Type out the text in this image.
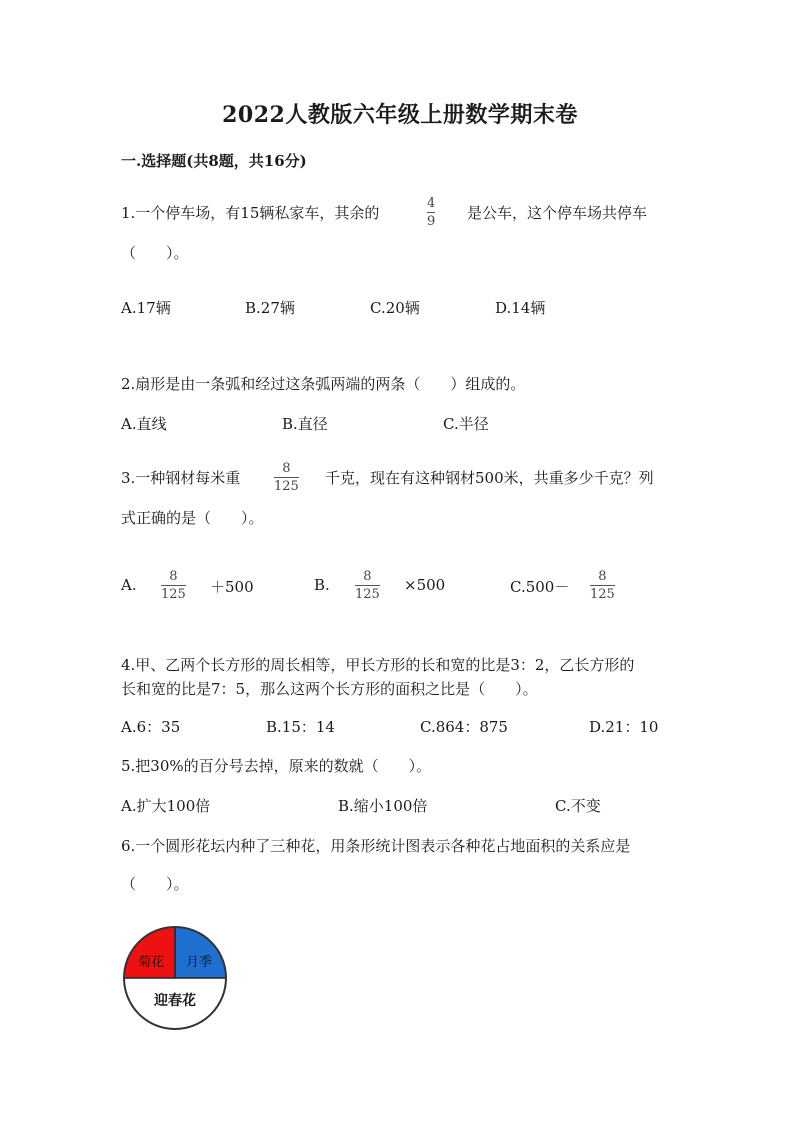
2022人教版六年级上册数学期末卷
一.选择题(共8题，共16分)
1.一个停车场，有15辆私家车，其余的
4
9 是公车，这个停车场共停车
（　　）。
A.17辆	B.27辆	C.20辆	D.14辆
2.扇形是由一条弧和经过这条弧两端的两条（　　）组成的。
A.直线	B.直径	C.半径
3.一种钢材每米重
8
125 千克，现在有这种钢材500米，共重多少千克？列
式正确的是（　　）。
A.	8
125 ＋500	B.	8
125
×500	C.500－
8
125
4.甲、乙两个长方形的周长相等，甲长方形的长和宽的比是3：2，乙长方形的
长和宽的比是7：5，那么这两个长方形的面积之比是（　　）。
A.6：35	B.15：14	C.864：875	D.21：10
5.把30%的百分号去掉，原来的数就（　　）。
A.扩大100倍	B.缩小100倍	C.不变
6.一个圆形花坛内种了三种花，用条形统计图表示各种花占地面积的关系应是
（　　）。
菊花 月季
迎春花
